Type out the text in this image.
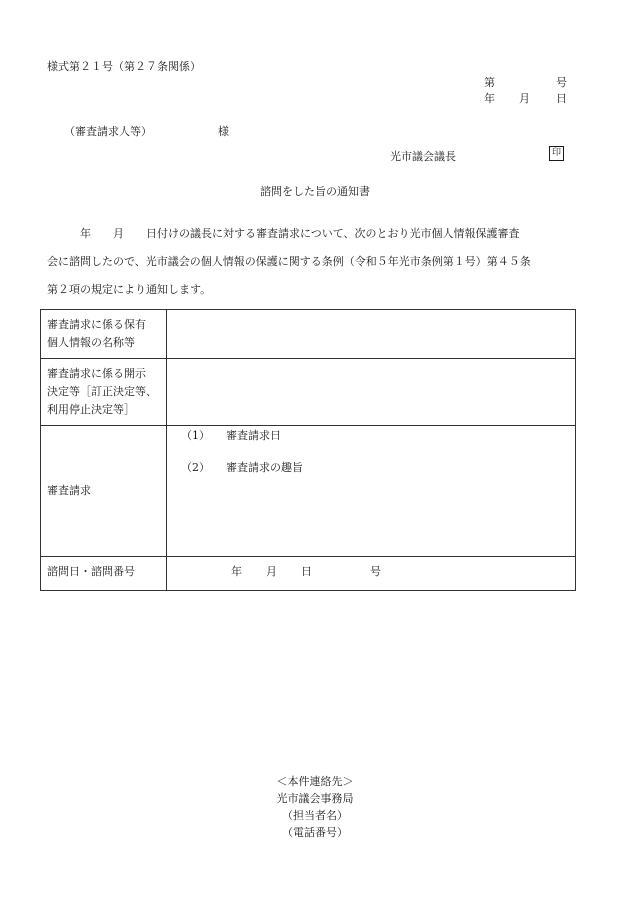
様式第２１号（第２７条関係）
第	号
年 月 日
（審査請求人等）	様
光市議会議長	印
諮問をした旨の通知書
　　　年　　月　　日付けの議長に対する審査請求について、次のとおり光市個人情報保護審査
会に諮問したので、光市議会の個人情報の保護に関する条例（令和５年光市条例第１号）第４５条
第２項の規定により通知します。
審査請求に係る保有
個人情報の名称等	

審査請求に係る開示
決定等［訂正決定等、
利用停止決定等］	

審査請求	（1） 審査請求日
（2） 審査請求の趣旨

諮問日・諮問番号	年 月 日 号
＜本件連絡先＞
光市議会事務局
（担当者名）
（電話番号）
